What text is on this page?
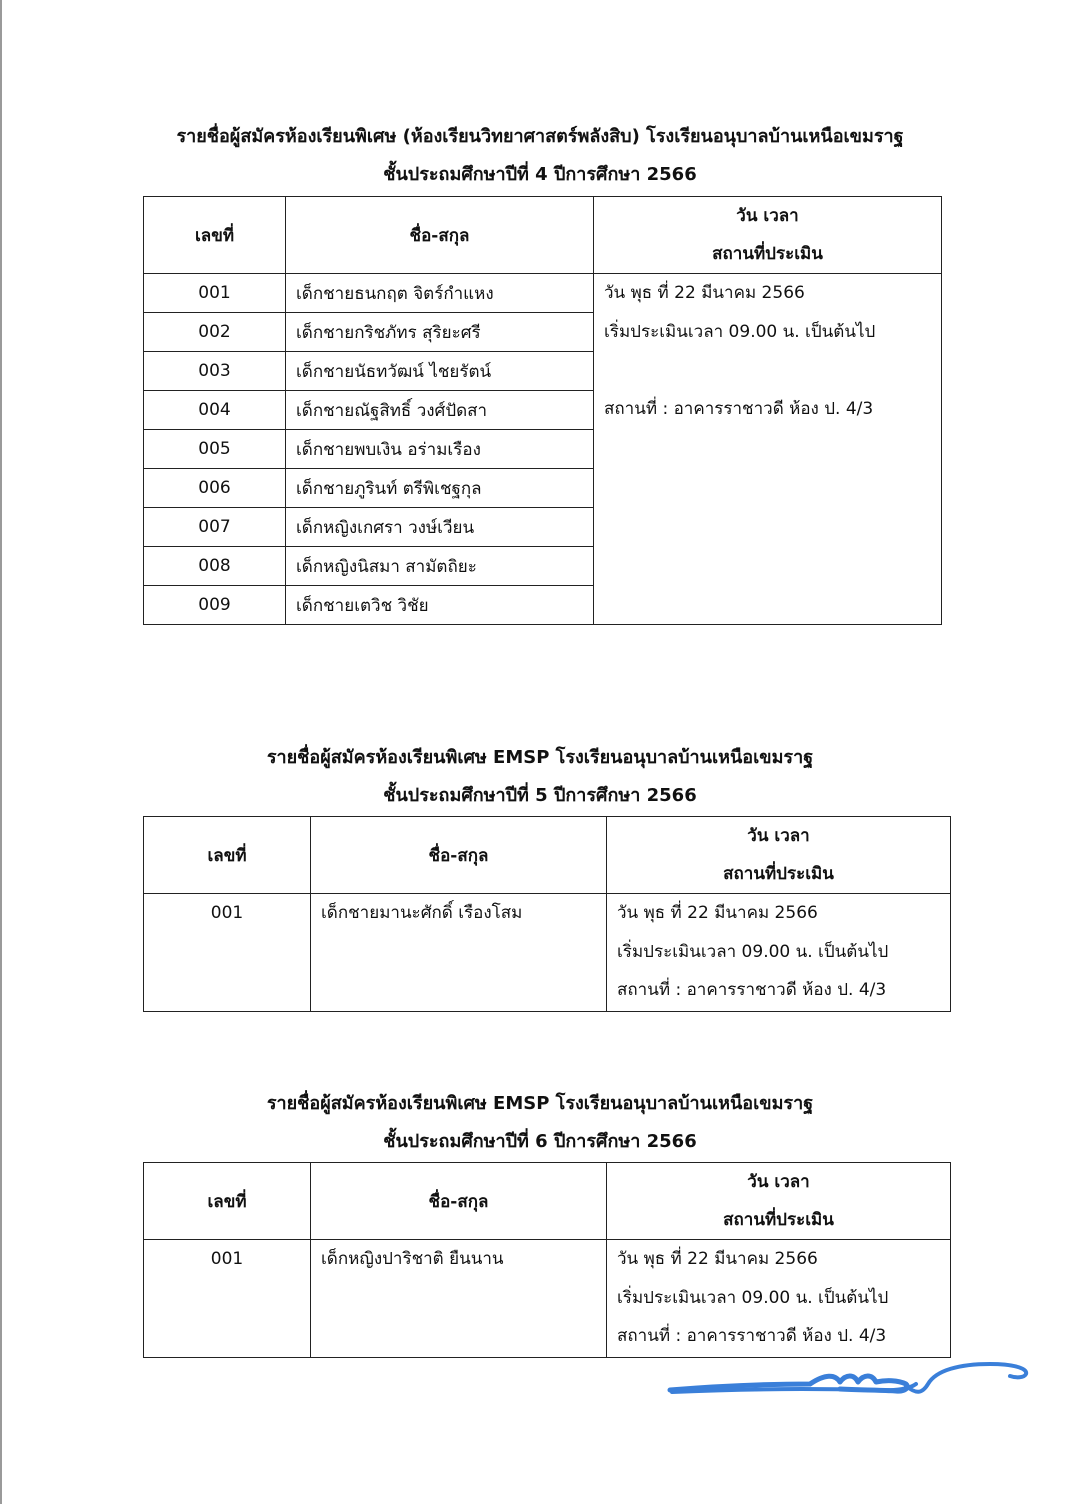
รายชื่อผู้สมัครห้องเรียนพิเศษ (ห้องเรียนวิทยาศาสตร์พลังสิบ) โรงเรียนอนุบาลบ้านเหนือเขมราฐ
ชั้นประถมศึกษาปีที่ 4 ปีการศึกษา 2566
เลขที่	ชื่อ-สกุล	วัน เวลา
สถานที่ประเมิน

001	เด็กชายธนกฤต จิตร์กำแหง	วัน พุธ ที่ 22 มีนาคม 2566
เริ่มประเมินเวลา 09.00 น. เป็นต้นไป
สถานที่ : อาคารราชาวดี ห้อง ป. 4/3

002	เด็กชายกริชภัทร สุริยะศรี	
003	เด็กชายนัธทวัฒน์ ไชยรัตน์	
004	เด็กชายณัฐสิทธิ์ วงศ์ปัดสา	
005	เด็กชายพบเงิน อร่ามเรือง	
006	เด็กชายภูรินท์ ตรีพิเชฐกุล	
007	เด็กหญิงเกศรา วงษ์เวียน	
008	เด็กหญิงนิสมา สามัตถิยะ	
009	เด็กชายเตวิช วิชัย	
รายชื่อผู้สมัครห้องเรียนพิเศษ EMSP โรงเรียนอนุบาลบ้านเหนือเขมราฐ
ชั้นประถมศึกษาปีที่ 5 ปีการศึกษา 2566
เลขที่	ชื่อ-สกุล	วัน เวลา
สถานที่ประเมิน

001	เด็กชายมานะศักดิ์ เรืองโสม	วัน พุธ ที่ 22 มีนาคม 2566
เริ่มประเมินเวลา 09.00 น. เป็นต้นไป
สถานที่ : อาคารราชาวดี ห้อง ป. 4/3
รายชื่อผู้สมัครห้องเรียนพิเศษ EMSP โรงเรียนอนุบาลบ้านเหนือเขมราฐ
ชั้นประถมศึกษาปีที่ 6 ปีการศึกษา 2566
เลขที่	ชื่อ-สกุล	วัน เวลา
สถานที่ประเมิน

001	เด็กหญิงปาริชาติ ยืนนาน	วัน พุธ ที่ 22 มีนาคม 2566
เริ่มประเมินเวลา 09.00 น. เป็นต้นไป
สถานที่ : อาคารราชาวดี ห้อง ป. 4/3
